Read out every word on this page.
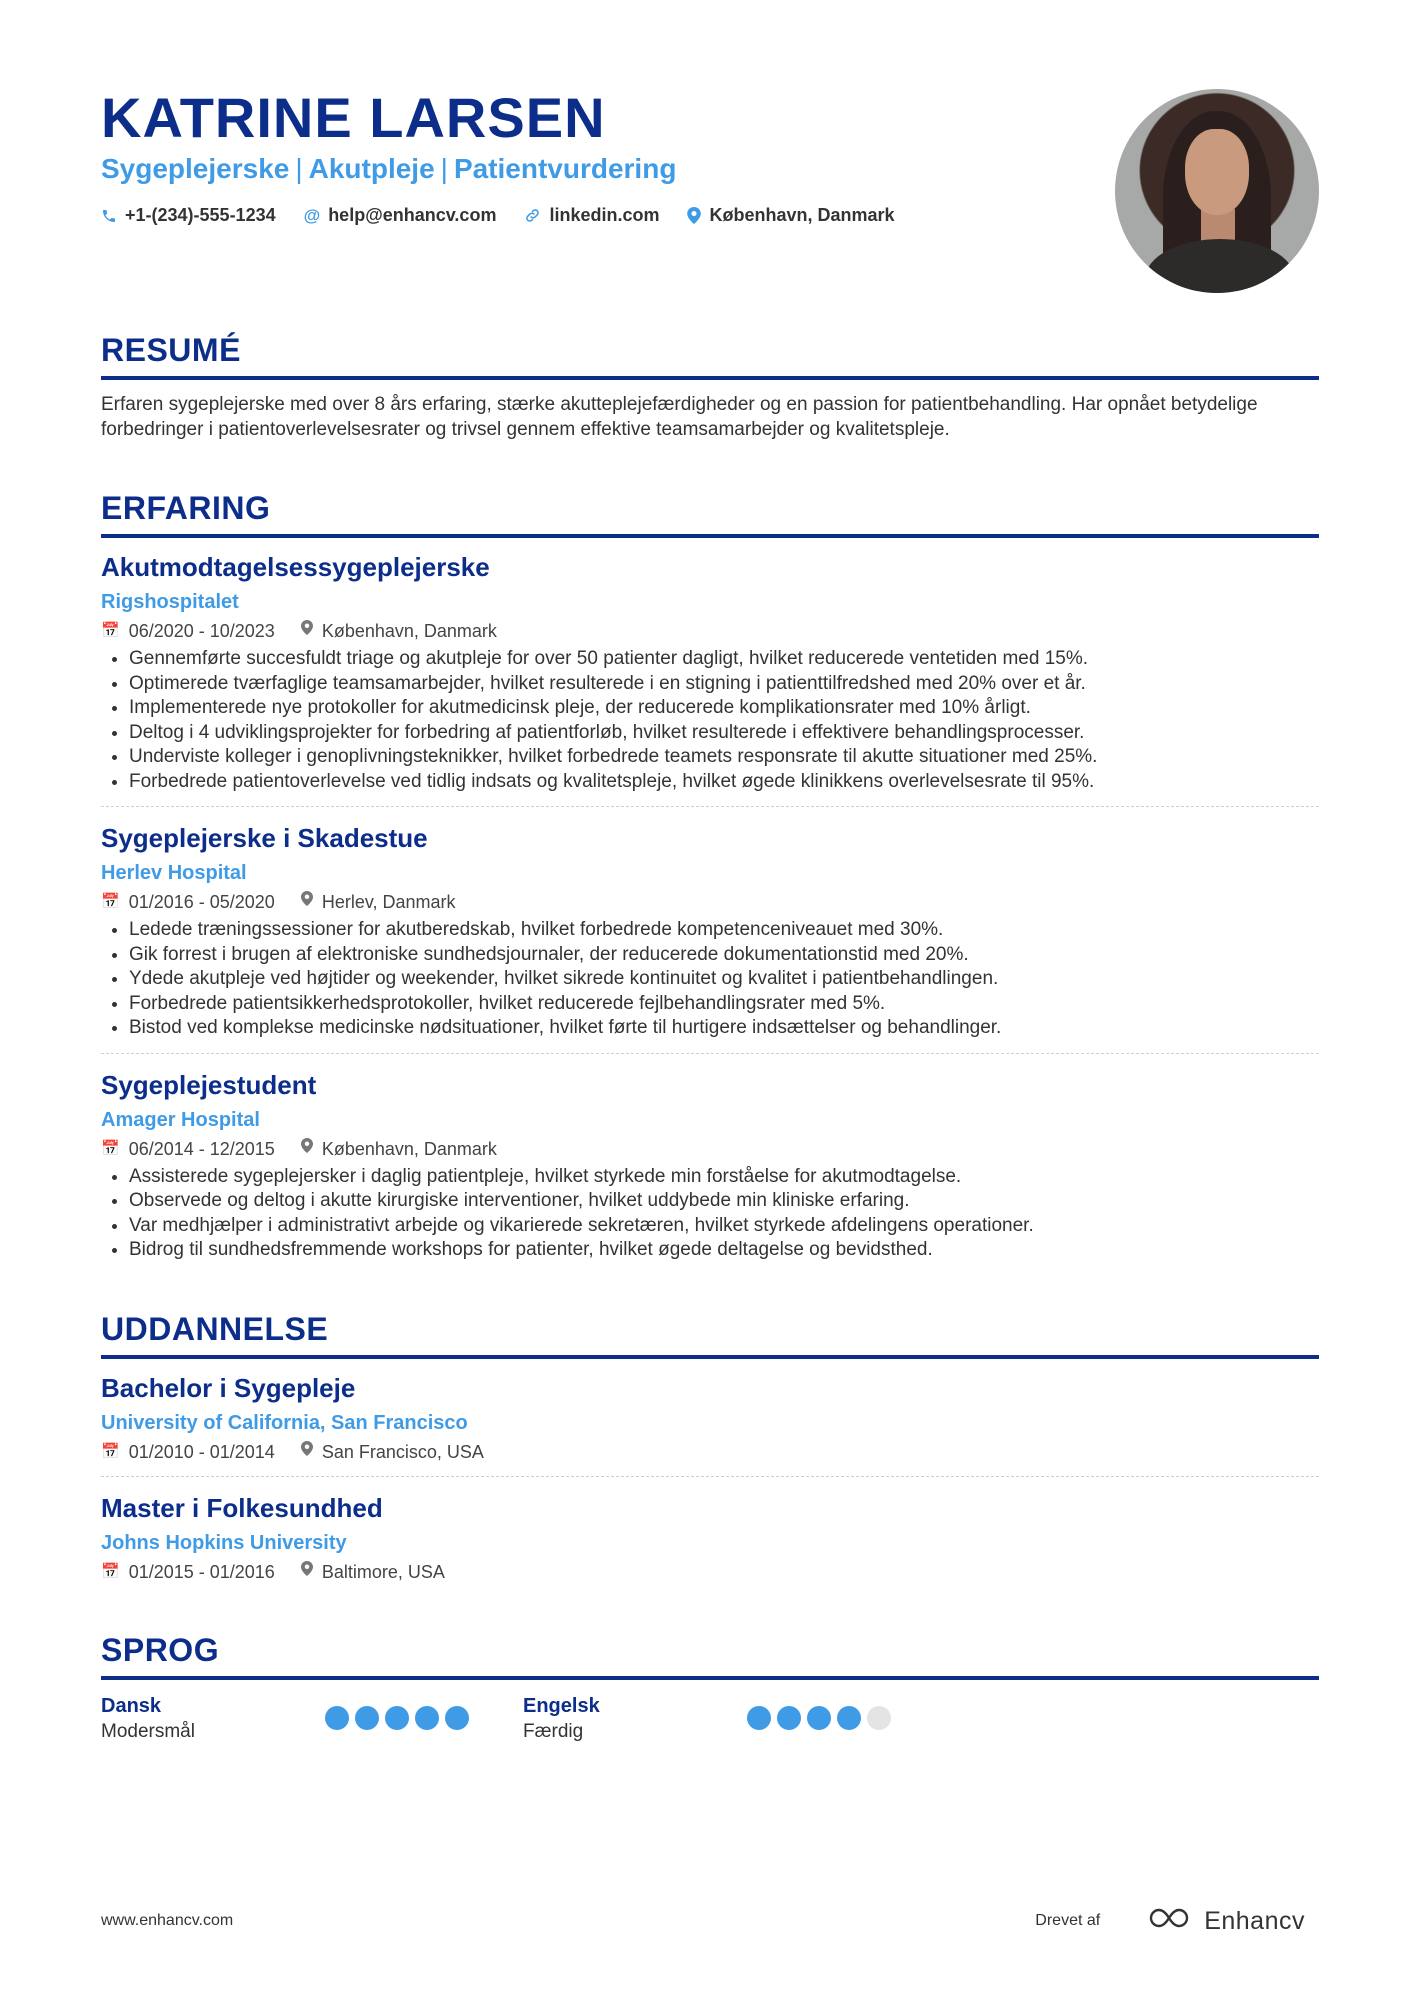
KATRINE LARSEN
Sygeplejerske | Akutpleje | Patientvurdering
+1-(234)-555-1234 @ help@enhancv.com	linkedin.com	København, Danmark
RESUMÉ
Erfaren sygeplejerske med over 8 års erfaring, stærke akutteplejefærdigheder og en passion for patientbehandling. Har opnået betydelige forbedringer i patientoverlevelsesrater og trivsel gennem effektive teamsamarbejder og kvalitetspleje.
ERFARING
Akutmodtagelsessygeplejerske
Rigshospitalet
📅 06/2020 - 10/2023	København, Danmark
• Gennemførte succesfuldt triage og akutpleje for over 50 patienter dagligt, hvilket reducerede ventetiden med 15%.
• Optimerede tværfaglige teamsamarbejder, hvilket resulterede i en stigning i patienttilfredshed med 20% over et år.
• Implementerede nye protokoller for akutmedicinsk pleje, der reducerede komplikationsrater med 10% årligt.
• Deltog i 4 udviklingsprojekter for forbedring af patientforløb, hvilket resulterede i effektivere behandlingsprocesser.
• Underviste kolleger i genoplivningsteknikker, hvilket forbedrede teamets responsrate til akutte situationer med 25%.
• Forbedrede patientoverlevelse ved tidlig indsats og kvalitetspleje, hvilket øgede klinikkens overlevelsesrate til 95%.
Sygeplejerske i Skadestue
Herlev Hospital
📅 01/2016 - 05/2020	Herlev, Danmark
• Ledede træningssessioner for akutberedskab, hvilket forbedrede kompetenceniveauet med 30%.
• Gik forrest i brugen af elektroniske sundhedsjournaler, der reducerede dokumentationstid med 20%.
• Ydede akutpleje ved højtider og weekender, hvilket sikrede kontinuitet og kvalitet i patientbehandlingen.
• Forbedrede patientsikkerhedsprotokoller, hvilket reducerede fejlbehandlingsrater med 5%.
• Bistod ved komplekse medicinske nødsituationer, hvilket førte til hurtigere indsættelser og behandlinger.
Sygeplejestudent
Amager Hospital
📅 06/2014 - 12/2015	København, Danmark
• Assisterede sygeplejersker i daglig patientpleje, hvilket styrkede min forståelse for akutmodtagelse.
• Observede og deltog i akutte kirurgiske interventioner, hvilket uddybede min kliniske erfaring.
• Var medhjælper i administrativt arbejde og vikarierede sekretæren, hvilket styrkede afdelingens operationer.
• Bidrog til sundhedsfremmende workshops for patienter, hvilket øgede deltagelse og bevidsthed.
UDDANNELSE
Bachelor i Sygepleje
University of California, San Francisco
📅 01/2010 - 01/2014	San Francisco, USA
Master i Folkesundhed
Johns Hopkins University
📅 01/2015 - 01/2016	Baltimore, USA
SPROG
Dansk
Modersmål
Engelsk
Færdig
www.enhancv.com	Drevet af	Enhancv
